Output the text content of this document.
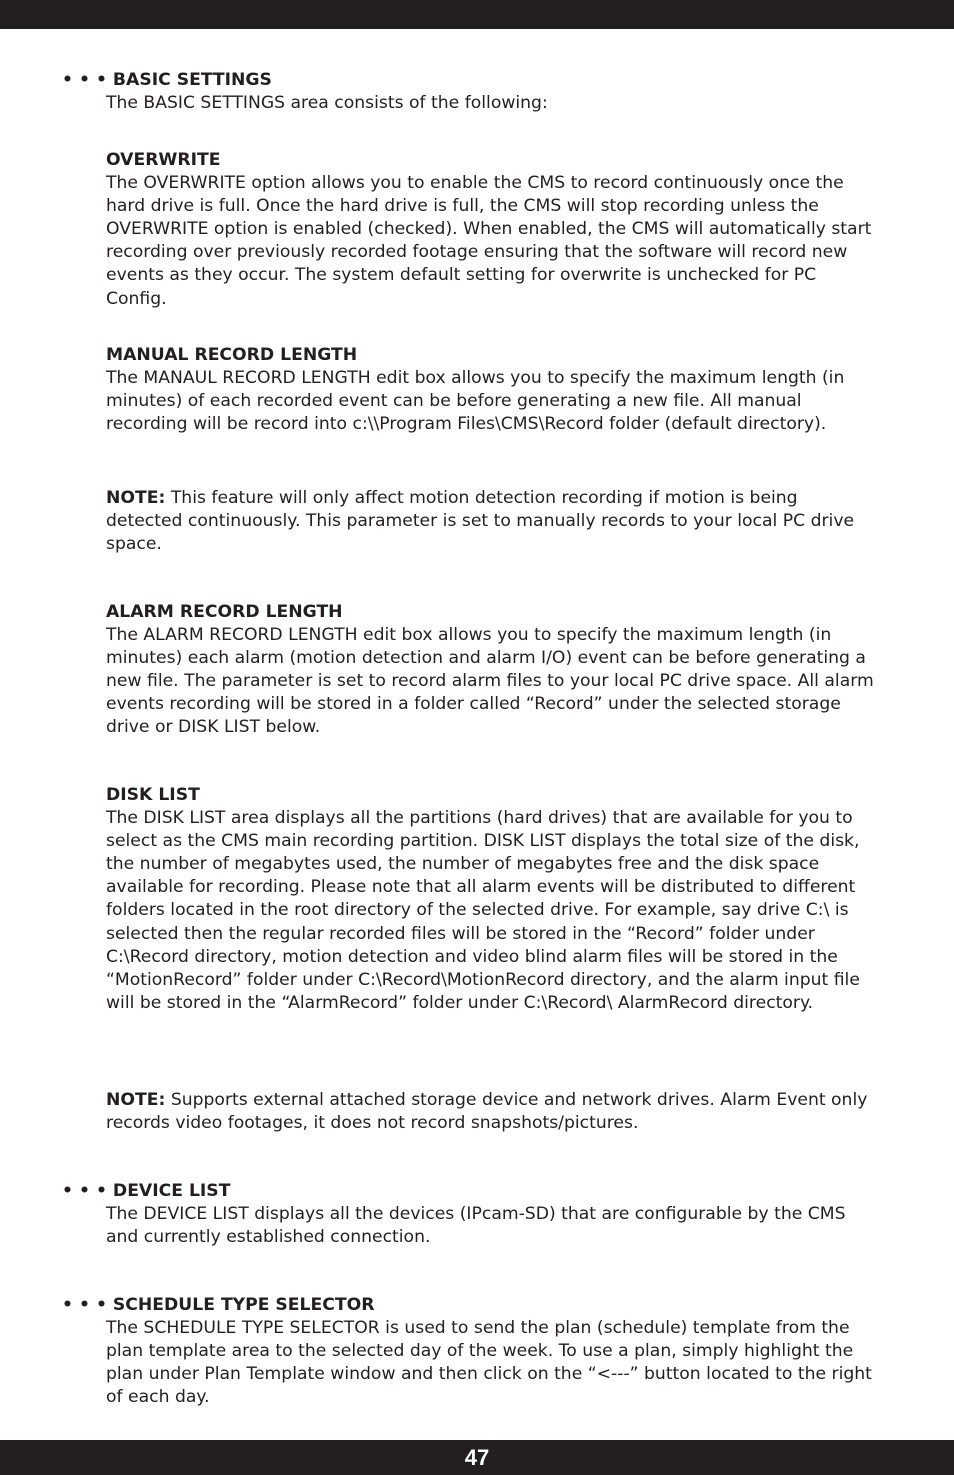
• • • BASIC SETTINGS

The BASIC SETTINGS area consists of the following:

OVERWRITE
The OVERWRITE option allows you to enable the CMS to record continuously once the hard drive is full. Once the hard drive is full, the CMS will stop recording unless the OVERWRITE option is enabled (checked). When enabled, the CMS will automatically start recording over previously recorded footage ensuring that the software will record new events as they occur. The system default setting for overwrite is unchecked for PC Config.
MANUAL RECORD LENGTH
The MANAUL RECORD LENGTH edit box allows you to specify the maximum length (in minutes) of each recorded event can be before generating a new file. All manual recording will be record into c:\\Program Files\CMS\Record folder (default directory).

NOTE: This feature will only affect motion detection recording if motion is being detected continuously. This parameter is set to manually records to your local PC drive space.

ALARM RECORD LENGTH
The ALARM RECORD LENGTH edit box allows you to specify the maximum length (in minutes) each alarm (motion detection and alarm I/O) event can be before generating a new file. The parameter is set to record alarm files to your local PC drive space. All alarm events recording will be stored in a folder called “Record” under the selected storage drive or DISK LIST below.
DISK LIST
The DISK LIST area displays all the partitions (hard drives) that are available for you to select as the CMS main recording partition. DISK LIST displays the total size of the disk, the number of megabytes used, the number of megabytes free and the disk space available for recording. Please note that all alarm events will be distributed to different folders located in the root directory of the selected drive. For example, say drive C:\ is selected then the regular recorded files will be stored in the “Record” folder under C:\Record directory, motion detection and video blind alarm files will be stored in the “MotionRecord” folder under C:\Record\MotionRecord directory, and the alarm input file will be stored in the “AlarmRecord” folder under C:\Record\ AlarmRecord directory.

NOTE: Supports external attached storage device and network drives. Alarm Event only records video footages, it does not record snapshots/pictures.

• • • DEVICE LIST

The DEVICE LIST displays all the devices (IPcam-SD) that are configurable by the CMS and currently established connection.

• • • SCHEDULE TYPE SELECTOR

The SCHEDULE TYPE SELECTOR is used to send the plan (schedule) template from the plan template area to the selected day of the week. To use a plan, simply highlight the plan under Plan Template window and then click on the “<---” button located to the right of each day.

47
